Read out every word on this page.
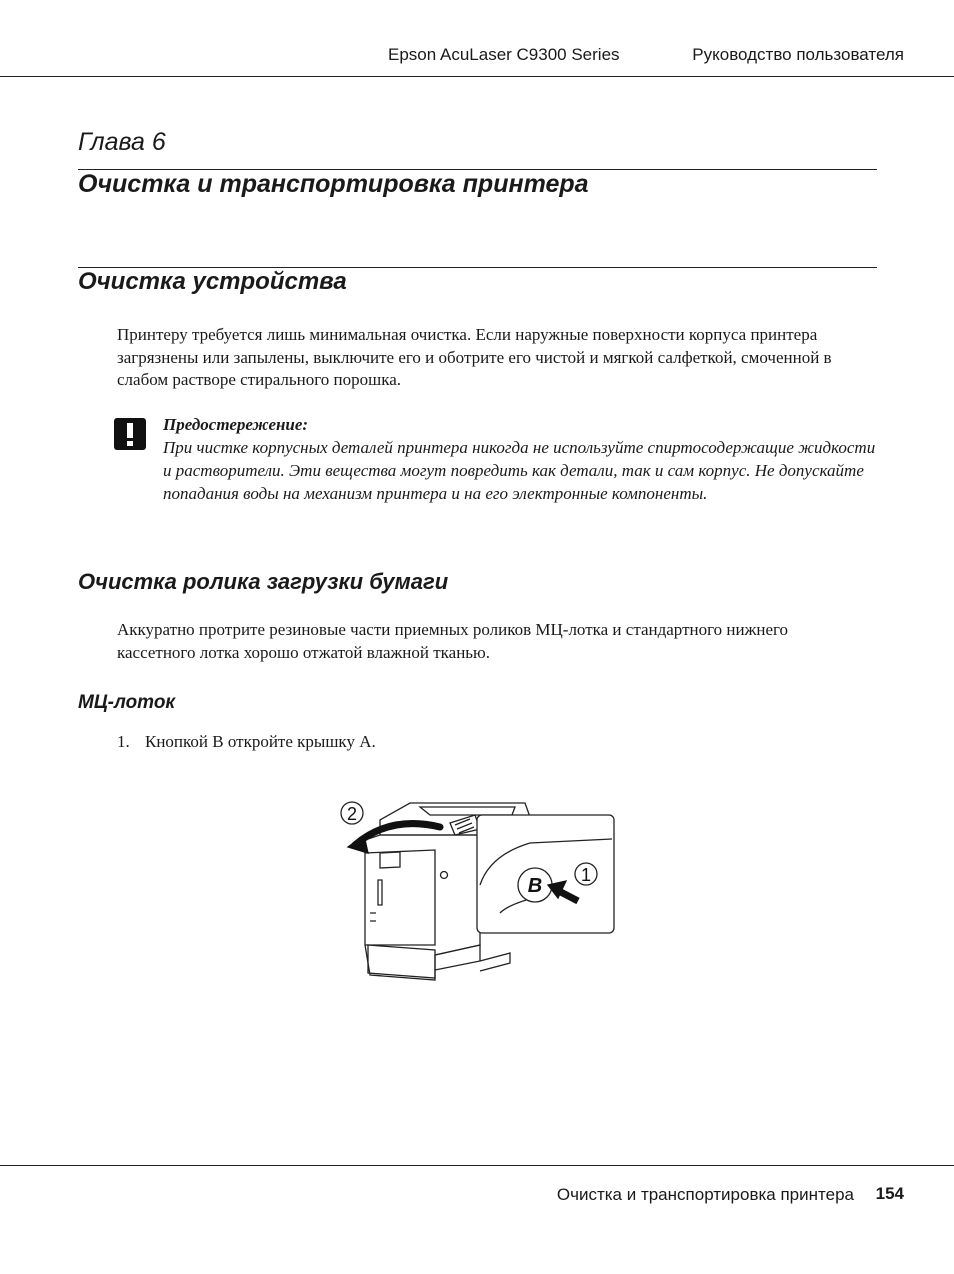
Epson AcuLaser C9300 Series	Руководство пользователя
Глава 6
Очистка и транспортировка принтера
Очистка устройства
Принтеру требуется лишь минимальная очистка. Если наружные поверхности корпуса принтера загрязнены или запылены, выключите его и оботрите его чистой и мягкой салфеткой, смоченной в слабом растворе стирального порошка.
Предостережение:
При чистке корпусных деталей принтера никогда не используйте спиртосодержащие жидкости и растворители. Эти вещества могут повредить как детали, так и сам корпус. Не допускайте попадания воды на механизм принтера и на его электронные компоненты.
Очистка ролика загрузки бумаги
Аккуратно протрите резиновые части приемных роликов МЦ-лотка и стандартного нижнего кассетного лотка хорошо отжатой влажной тканью.
МЦ-лоток
1. Кнопкой B откройте крышку A.
2
B 1
Очистка и транспортировка принтера 154
